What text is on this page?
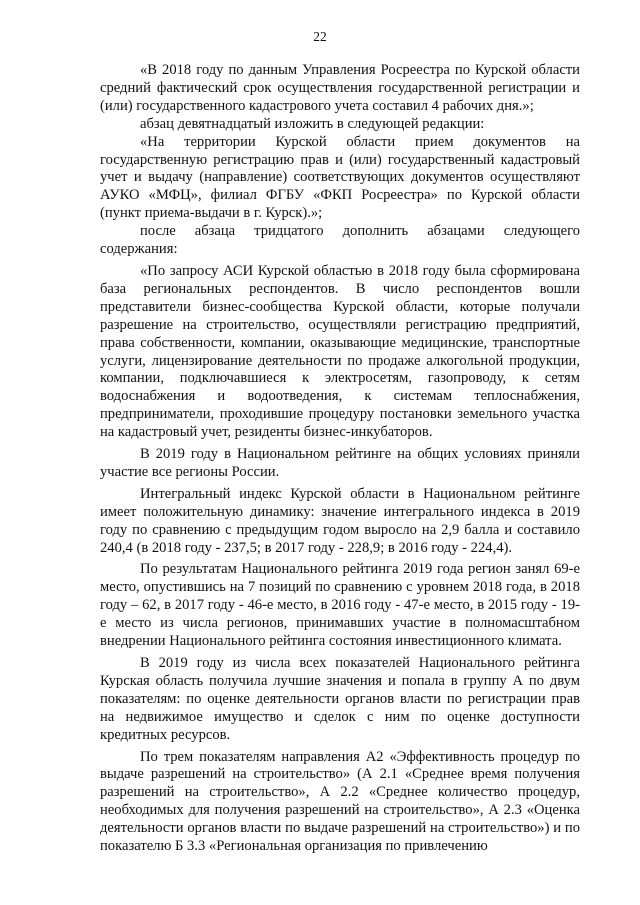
22

«В 2018 году по данным Управления Росреестра по Курской области средний фактический срок осуществления государственной регистрации и (или) государственного кадастрового учета составил 4 рабочих дня.»;

абзац девятнадцатый изложить в следующей редакции:

«На территории Курской области прием документов на государственную регистрацию прав и (или) государственный кадастровый учет и выдачу (направление) соответствующих документов осуществляют АУКО «МФЦ», филиал ФГБУ «ФКП Росреестра» по Курской области (пункт приема-выдачи в г. Курск).»;

после абзаца тридцатого дополнить абзацами следующего содержания:

«По запросу АСИ Курской областью в 2018 году была сформирована база региональных респондентов. В число респондентов вошли представители бизнес-сообщества Курской области, которые получали разрешение на строительство, осуществляли регистрацию предприятий, права собственности, компании, оказывающие медицинские, транспортные услуги, лицензирование деятельности по продаже алкогольной продукции, компании, подключавшиеся к электросетям, газопроводу, к сетям водоснабжения и водоотведения, к системам теплоснабжения, предприниматели, проходившие процедуру постановки земельного участка на кадастровый учет, резиденты бизнес-инкубаторов.

В 2019 году в Национальном рейтинге на общих условиях приняли участие все регионы России.

Интегральный индекс Курской области в Национальном рейтинге имеет положительную динамику: значение интегрального индекса в 2019 году по сравнению с предыдущим годом выросло на 2,9 балла и составило 240,4 (в 2018 году - 237,5; в 2017 году - 228,9; в 2016 году - 224,4).

По результатам Национального рейтинга 2019 года регион занял 69-е место, опустившись на 7 позиций по сравнению с уровнем 2018 года, в 2018 году – 62, в 2017 году - 46-е место, в 2016 году - 47-е место, в 2015 году - 19-е место из числа регионов, принимавших участие в полномасштабном внедрении Национального рейтинга состояния инвестиционного климата.

В 2019 году из числа всех показателей Национального рейтинга Курская область получила лучшие значения и попала в группу А по двум показателям: по оценке деятельности органов власти по регистрации прав на недвижимое имущество и сделок с ним по оценке доступности кредитных ресурсов.

По трем показателям направления А2 «Эффективность процедур по выдаче разрешений на строительство» (А 2.1 «Среднее время получения разрешений на строительство», А 2.2 «Среднее количество процедур, необходимых для получения разрешений на строительство», А 2.3 «Оценка деятельности органов власти по выдаче разрешений на строительство») и по показателю Б 3.3 «Региональная организация по привлечению
